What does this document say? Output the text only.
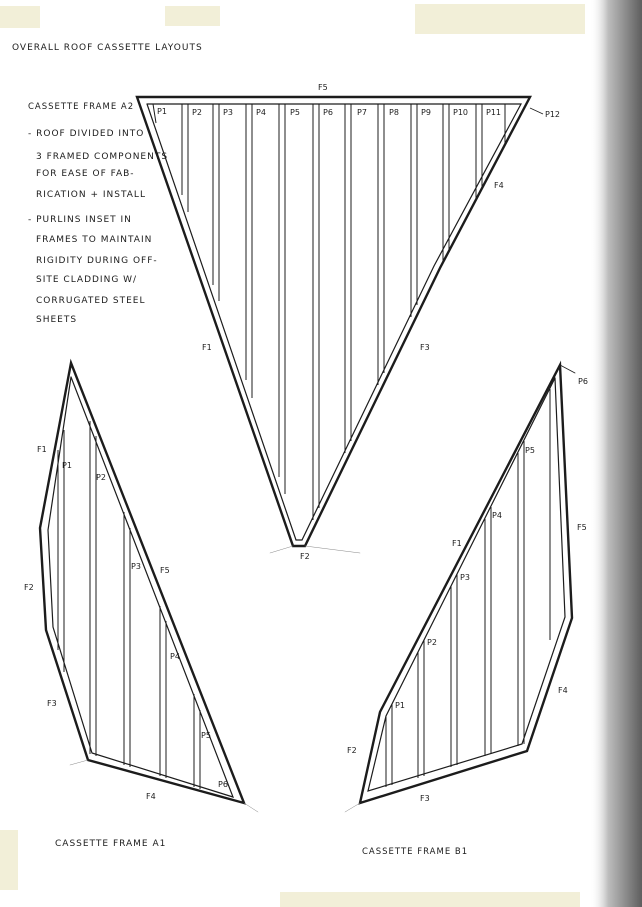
OVERALL ROOF CASSETTE LAYOUTS
CASSETTE FRAME A2
- ROOF DIVIDED INTO
3 FRAMED COMPONENTS
FOR EASE OF FAB-
RICATION + INSTALL
- PURLINS INSET IN
FRAMES TO MAINTAIN
RIGIDITY DURING OFF-
SITE CLADDING W/
CORRUGATED STEEL
SHEETS
CASSETTE FRAME A1
CASSETTE FRAME B1
P1	P2	P3	P4	P5	P6	P7	P8	P9	P10 P11	P12
F5
F1
F4
F3
F2
P1
P2
P3
P4
P5
P6
F1
F2
F3
F4
F5
P1
P2
P4
P5
P6
P3
F1
F2
F3
F4
F5
